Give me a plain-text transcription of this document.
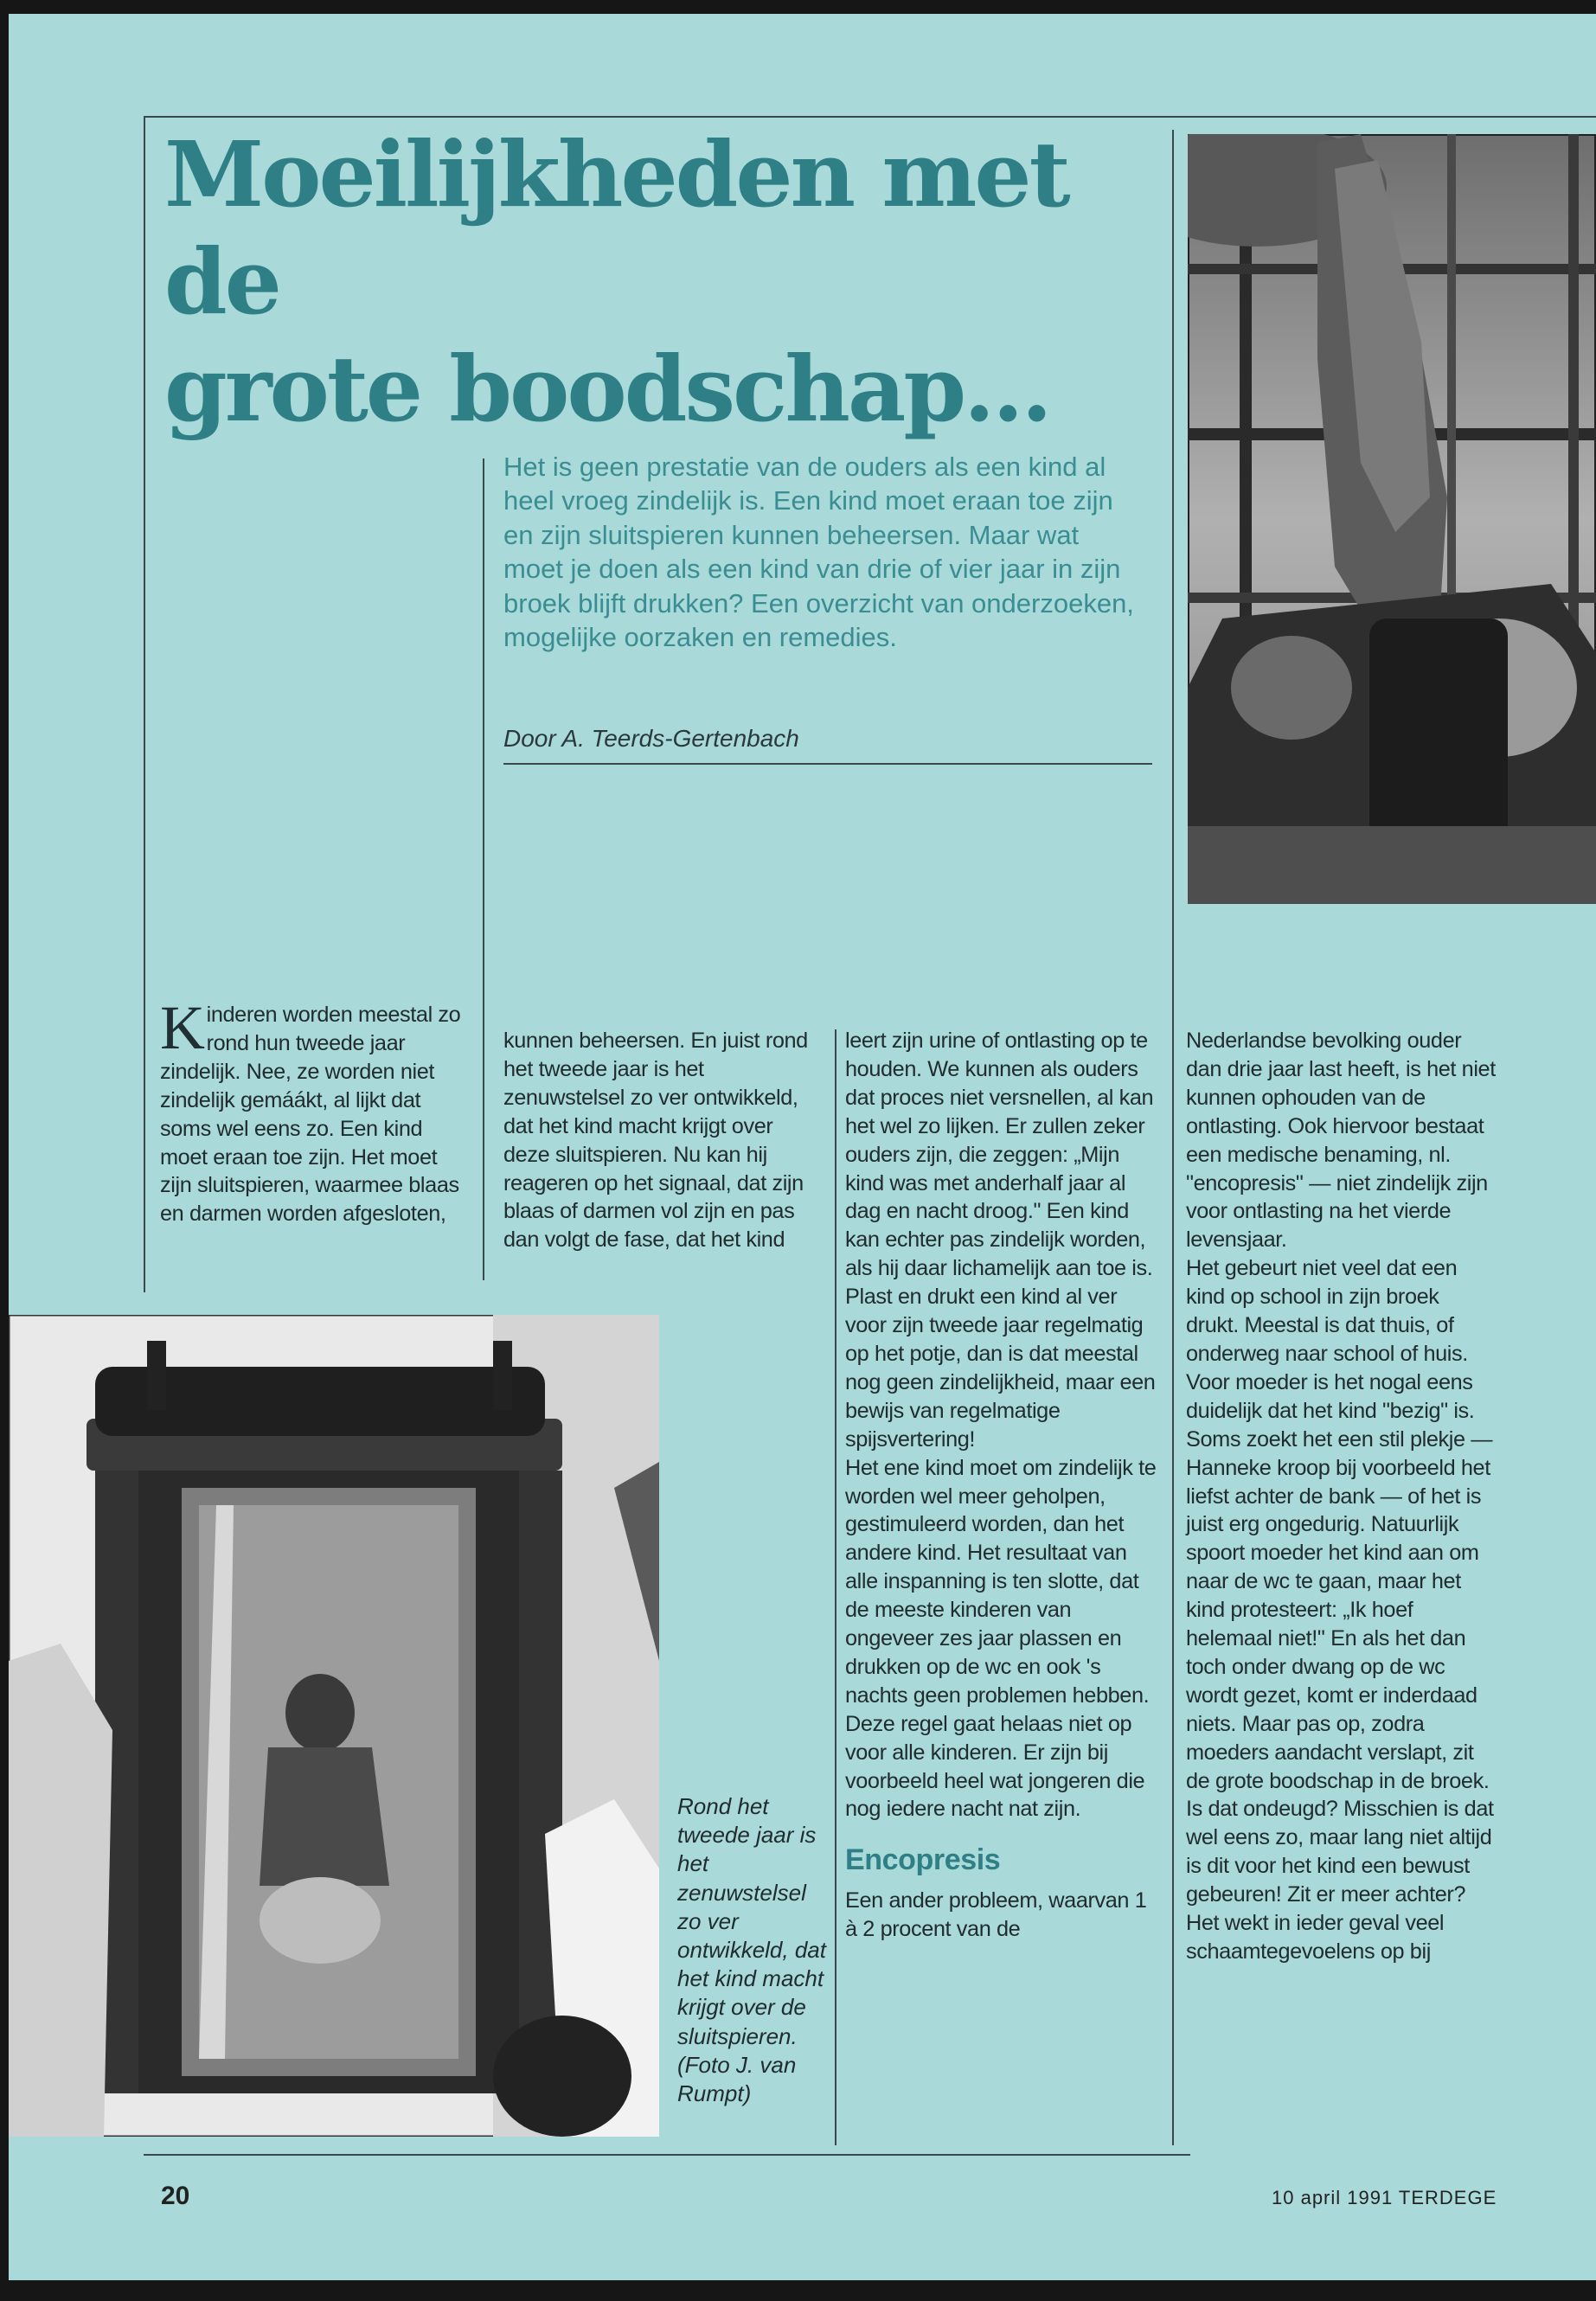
Moeilijkheden met de
grote boodschap...

Het is geen prestatie van de ouders als een kind al heel vroeg zindelijk is. Een kind moet eraan toe zijn en zijn sluitspieren kunnen beheersen. Maar wat moet je doen als een kind van drie of vier jaar in zijn broek blijft drukken? Een overzicht van onderzoeken, mogelijke oorzaken en remedies.

Door A. Teerds-Gertenbach

Kinderen worden meestal zo rond hun tweede jaar zindelijk. Nee, ze worden niet zindelijk gemáákt, al lijkt dat soms wel eens zo. Een kind moet eraan toe zijn. Het moet zijn sluitspieren, waarmee blaas en darmen worden afgesloten,

kunnen beheersen. En juist rond het tweede jaar is het zenuwstelsel zo ver ontwikkeld, dat het kind macht krijgt over deze sluitspieren. Nu kan hij reageren op het signaal, dat zijn blaas of darmen vol zijn en pas dan volgt de fase, dat het kind

Rond het tweede jaar is het zenuwstelsel zo ver ontwikkeld, dat het kind macht krijgt over de sluitspieren. (Foto J. van Rumpt)

leert zijn urine of ontlasting op te houden. We kunnen als ouders dat proces niet versnellen, al kan het wel zo lijken. Er zullen zeker ouders zijn, die zeggen: „Mijn kind was met anderhalf jaar al dag en nacht droog." Een kind kan echter pas zindelijk worden, als hij daar lichamelijk aan toe is. Plast en drukt een kind al ver voor zijn tweede jaar regelmatig op het potje, dan is dat meestal nog geen zindelijkheid, maar een bewijs van regelmatige spijsvertering!

Het ene kind moet om zindelijk te worden wel meer geholpen, gestimuleerd worden, dan het andere kind. Het resultaat van alle inspanning is ten slotte, dat de meeste kinderen van ongeveer zes jaar plassen en drukken op de wc en ook 's nachts geen problemen hebben. Deze regel gaat helaas niet op voor alle kinderen. Er zijn bij voorbeeld heel wat jongeren die nog iedere nacht nat zijn.

Encopresis

Een ander probleem, waarvan 1 à 2 procent van de

Nederlandse bevolking ouder dan drie jaar last heeft, is het niet kunnen ophouden van de ontlasting. Ook hiervoor bestaat een medische benaming, nl. "encopresis" — niet zindelijk zijn voor ontlasting na het vierde levensjaar.

Het gebeurt niet veel dat een kind op school in zijn broek drukt. Meestal is dat thuis, of onderweg naar school of huis. Voor moeder is het nogal eens duidelijk dat het kind "bezig" is. Soms zoekt het een stil plekje — Hanneke kroop bij voorbeeld het liefst achter de bank — of het is juist erg ongedurig. Natuurlijk spoort moeder het kind aan om naar de wc te gaan, maar het kind protesteert: „Ik hoef helemaal niet!" En als het dan toch onder dwang op de wc wordt gezet, komt er inderdaad niets. Maar pas op, zodra moeders aandacht verslapt, zit de grote boodschap in de broek. Is dat ondeugd? Misschien is dat wel eens zo, maar lang niet altijd is dit voor het kind een bewust gebeuren! Zit er meer achter?

Het wekt in ieder geval veel schaamtegevoelens op bij

20	10 april 1991 TERDEGE
